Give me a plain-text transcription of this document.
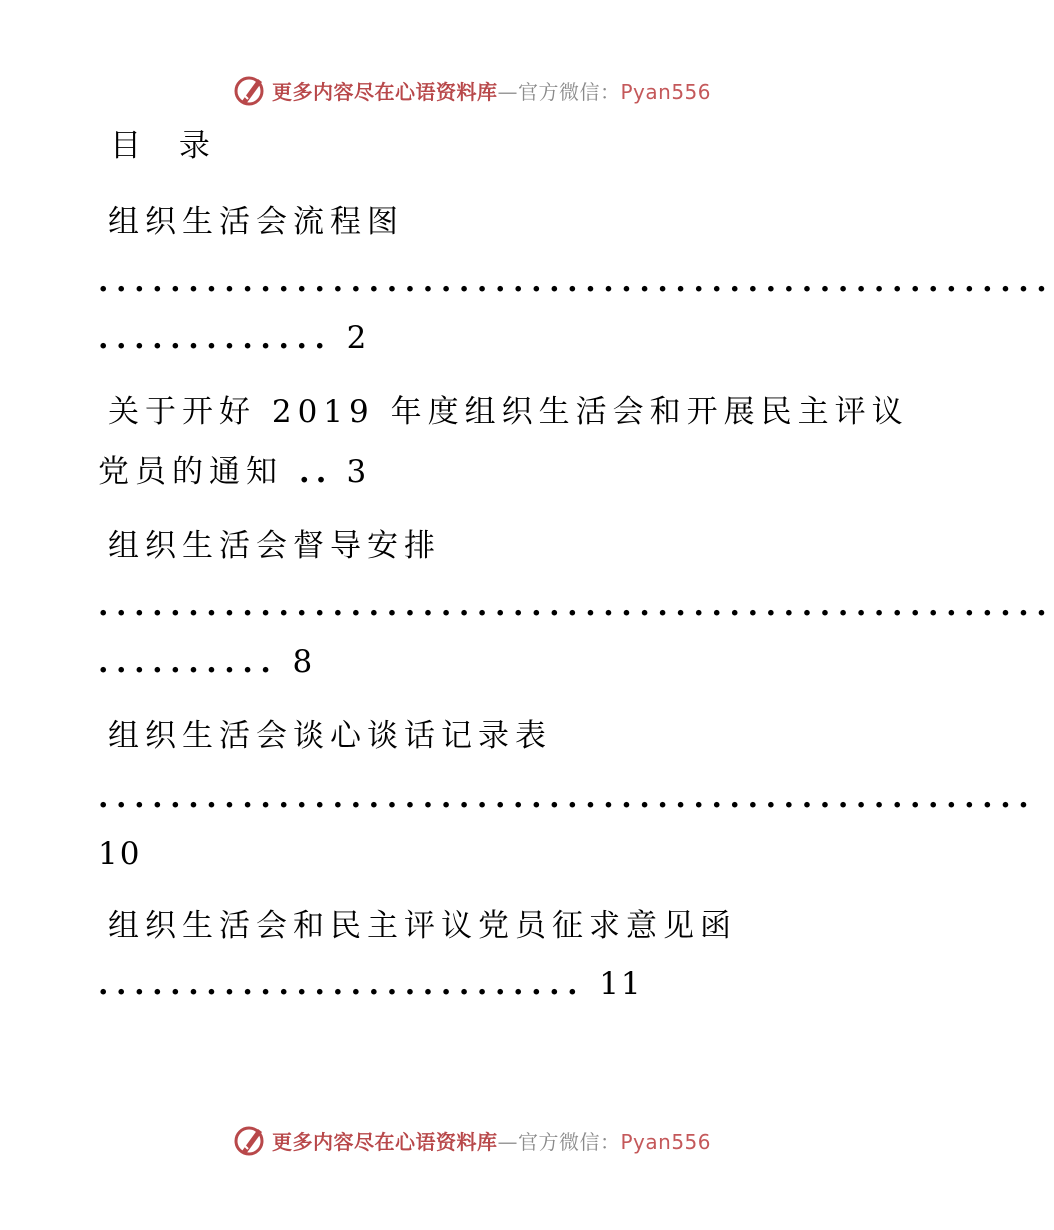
更多内容尽在心语资料库—官方微信：Pyan556
目 录
组织生活会流程图
.....................................................
............. 2
关于开好 2019 年度组织生活会和开展民主评议
党员的通知 .. 3
组织生活会督导安排
.....................................................
.......... 8
组织生活会谈心谈话记录表
....................................................
10
组织生活会和民主评议党员征求意见函
........................... 11
更多内容尽在心语资料库—官方微信：Pyan556
